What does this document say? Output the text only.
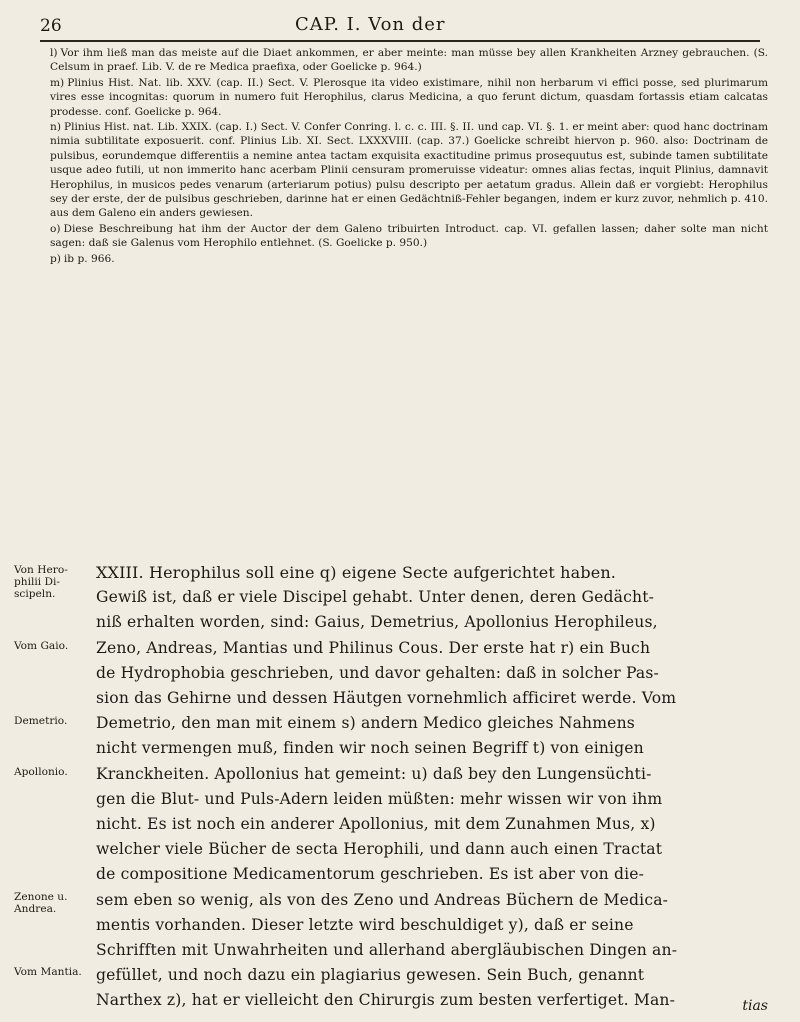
26	CAP. I. Von der

l) Vor ihm ließ man das meiste auf die Diaet ankommen, er aber meinte: man müsse bey allen Krankheiten Arzney gebrauchen. (S. Celsum in praef. Lib. V. de re Medica praefixa, oder Goelicke p. 964.)

m) Plinius Hist. Nat. lib. XXV. (cap. II.) Sect. V. Plerosque ita video existimare, nihil non herbarum vi effici posse, sed plurimarum vires esse incognitas: quorum in numero fuit Herophilus, clarus Medicina, a quo ferunt dictum, quasdam fortassis etiam calcatas prodesse. conf. Goelicke p. 964.

n) Plinius Hist. nat. Lib. XXIX. (cap. I.) Sect. V. Confer Conring. l. c. c. III. §. II. und cap. VI. §. 1. er meint aber: quod hanc doctrinam nimia subtilitate exposuerit. conf. Plinius Lib. XI. Sect. LXXXVIII. (cap. 37.) Goelicke schreibt hiervon p. 960. also: Doctrinam de pulsibus, eorundemque differentiis a nemine antea tactam exquisita exactitudine primus prosequutus est, subinde tamen subtilitate usque adeo futili, ut non immerito hanc acerbam Plinii censuram promeruisse videatur: omnes alias fectas, inquit Plinius, damnavit Herophilus, in musicos pedes venarum (arteriarum potius) pulsu descripto per aetatum gradus. Allein daß er vorgiebt: Herophilus sey der erste, der de pulsibus geschrieben, darinne hat er einen Gedächtniß-Fehler begangen, indem er kurz zuvor, nehmlich p. 410. aus dem Galeno ein anders gewiesen.

o) Diese Beschreibung hat ihm der Auctor der dem Galeno tribuirten Introduct. cap. VI. gefallen lassen; daher solte man nicht sagen: daß sie Galenus vom Herophilo entlehnet. (S. Goelicke p. 950.)

p) ib p. 966.

XXIII. Herophilus soll eine q) eigene Secte aufgerichtet haben.
Gewiß ist, daß er viele Discipel gehabt. Unter denen, deren Gedächt-
niß erhalten worden, sind: Gaius, Demetrius, Apollonius Herophileus,
Zeno, Andreas, Mantias und Philinus Cous. Der erste hat r) ein Buch
de Hydrophobia geschrieben, und davor gehalten: daß in solcher Pas-
sion das Gehirne und dessen Häutgen vornehmlich afficiret werde. Vom
Demetrio, den man mit einem s) andern Medico gleiches Nahmens
nicht vermengen muß, finden wir noch seinen Begriff t) von einigen
Kranckheiten. Apollonius hat gemeint: u) daß bey den Lungensüchti-
gen die Blut- und Puls-Adern leiden müßten: mehr wissen wir von ihm
nicht. Es ist noch ein anderer Apollonius, mit dem Zunahmen Mus, x)
welcher viele Bücher de secta Herophili, und dann auch einen Tractat
de compositione Medicamentorum geschrieben. Es ist aber von die-
sem eben so wenig, als von des Zeno und Andreas Büchern de Medica-
mentis vorhanden. Dieser letzte wird beschuldiget y), daß er seine
Schrifften mit Unwahrheiten und allerhand abergläubischen Dingen an-
gefüllet, und noch dazu ein plagiarius gewesen. Sein Buch, genannt
Narthex z), hat er vielleicht den Chirurgis zum besten verfertiget. Man-
Von Hero-philii Di-scipeln.
Vom Gaio.
Demetrio.
Apollonio.
Zenone u. Andrea.
Vom Mantia.
tias
